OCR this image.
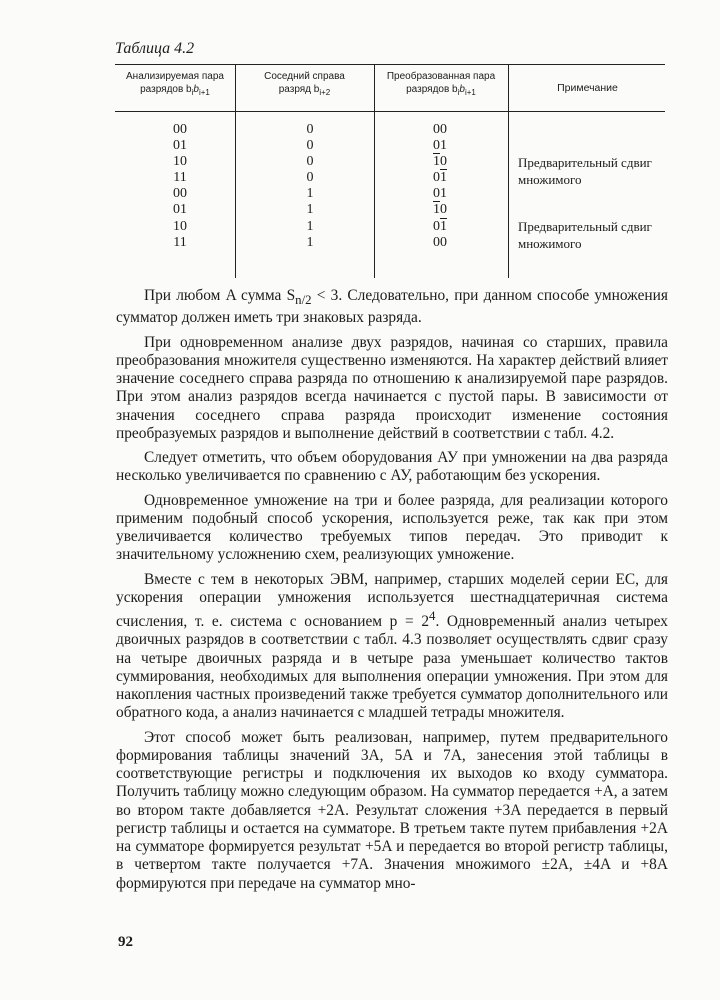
Таблица 4.2
Анализируемая пара
разрядов $b_ib_{i+1}$
Соседний справа
разряд $b_{i+2}$
Преобразованная пара
разрядов $b_ib_{i+1}$	Примечание
00
01
10
11
00
01
10
11
0
0
0
0
1
1
1
1
00
01
10
01
01
10
01
00
Предварительный сдвиг
множимого
Предварительный сдвиг
множимого

При любом A сумма $S_{n/2} < 3$. Следовательно, при данном способе умножения сумматор должен иметь три знаковых разряда.

При одновременном анализе двух разрядов, начиная со старших, правила преобразования множителя существенно изменяются. На характер действий влияет значение соседнего справа разряда по отношению к анализируемой паре разрядов. При этом анализ разрядов всегда начинается с пустой пары. В зависимости от значения соседнего справа разряда происходит изменение состояния преобразуемых разрядов и выполнение действий в соответствии с табл. 4.2.

Следует отметить, что объем оборудования АУ при умножении на два разряда несколько увеличивается по сравнению с АУ, работающим без ускорения.

Одновременное умножение на три и более разряда, для реализации которого применим подобный способ ускорения, используется реже, так как при этом увеличивается количество требуемых типов передач. Это приводит к значительному усложнению схем, реализующих умножение.

Вместе с тем в некоторых ЭВМ, например, старших моделей серии ЕС, для ускорения операции умножения используется шестнадцатеричная система счисления, т. е. система с основанием $p = 2^4$. Одновременный анализ четырех двоичных разрядов в соответствии с табл. 4.3 позволяет осуществлять сдвиг сразу на четыре двоичных разряда и в четыре раза уменьшает количество тактов суммирования, необходимых для выполнения операции умножения. При этом для накопления частных произведений также требуется сумматор дополнительного или обратного кода, а анализ начинается с младшей тетрады множителя.

Этот способ может быть реализован, например, путем предварительного формирования таблицы значений 3A, 5A и 7A, занесения этой таблицы в соответствующие регистры и подключения их выходов ко входу сумматора. Получить таблицу можно следующим образом. На сумматор передается +A, а затем во втором такте добавляется +2A. Результат сложения +3A передается в первый регистр таблицы и остается на сумматоре. В третьем такте путем прибавления +2A на сумматоре формируется результат +5A и передается во второй регистр таблицы, в четвертом такте получается +7A. Значения множимого ±2A, ±4A и +8A формируются при передаче на сумматор мно-

92
